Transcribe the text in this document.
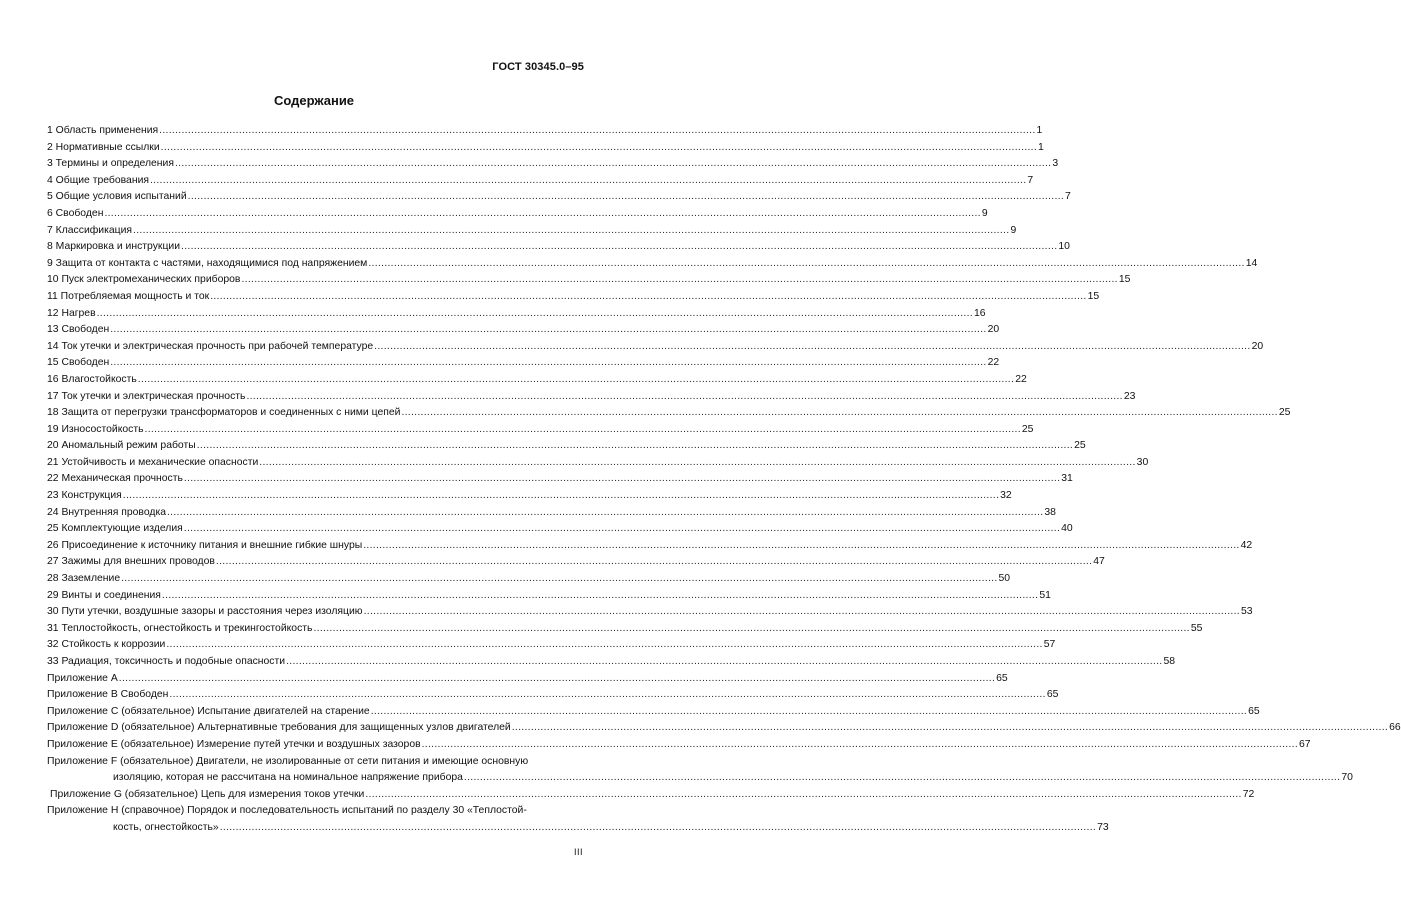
ГОСТ 30345.0–95
Содержание
1 Область применения .....	1
2 Нормативные ссылки .....	1
3 Термины и определения .....	3
4 Общие требования .....	7
5 Общие условия испытаний .....	7
6 Свободен .....	9
7 Классификация .....	9
8 Маркировка и инструкции .....	10
9 Защита от контакта с частями, находящимися под напряжением .....	14
10 Пуск электромеханических приборов .....	15
11 Потребляемая мощность и ток .....	15
12 Нагрев .....	16
13 Свободен .....	20
14 Ток утечки и электрическая прочность при рабочей температуре .....	20
15 Свободен .....	22
16 Влагостойкость .....	22
17 Ток утечки и электрическая прочность .....	23
18 Защита от перегрузки трансформаторов и соединенных с ними цепей .....	25
19 Износостойкость .....	25
20 Аномальный режим работы .....	25
21 Устойчивость и механические опасности .....	30
22 Механическая прочность .....	31
23 Конструкция .....	32
24 Внутренняя проводка .....	38
25 Комплектующие изделия .....	40
26 Присоединение к источнику питания и внешние гибкие шнуры .....	42
27 Зажимы для внешних проводов .....	47
28 Заземление .....	50
29 Винты и соединения .....	51
30 Пути утечки, воздушные зазоры и расстояния через изоляцию .....	53
31 Теплостойкость, огнестойкость и трекингостойкость .....	55
32 Стойкость к коррозии .....	57
33 Радиация, токсичность и подобные опасности .....	58
Приложение А .....	65
Приложение В Свободен .....	65
Приложение С (обязательное) Испытание двигателей на старение .....	65
Приложение D (обязательное) Альтернативные требования для защищенных узлов двигателей .....	66
Приложение Е (обязательное) Измерение путей утечки и воздушных зазоров .....	67
Приложение F (обязательное) Двигатели, не изолированные от сети питания и имеющие основную
изоляцию, которая не рассчитана на номинальное напряжение прибора .....	70
Приложение G (обязательное) Цепь для измерения токов утечки .....	72
Приложение Н (справочное) Порядок и последовательность испытаний по разделу 30 «Теплостой-
кость, огнестойкость» .....	73
III
